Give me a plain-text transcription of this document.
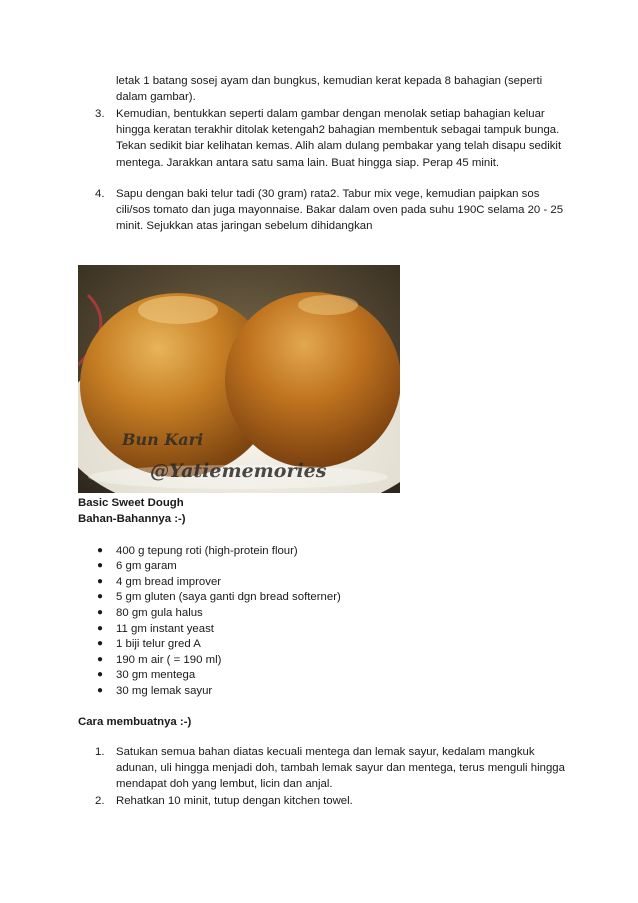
letak 1 batang sosej ayam dan bungkus, kemudian kerat kepada 8 bahagian (seperti dalam gambar).
3.	Kemudian, bentukkan seperti dalam gambar dengan menolak setiap bahagian keluar hingga keratan terakhir ditolak ketengah2 bahagian membentuk sebagai tampuk bunga. Tekan sedikit biar kelihatan kemas. Alih alam dulang pembakar yang telah disapu sedikit mentega. Jarakkan antara satu sama lain. Buat hingga siap. Perap 45 minit.
4.	Sapu dengan baki telur tadi (30 gram) rata2. Tabur mix vege, kemudian paipkan sos cili/sos tomato dan juga mayonnaise. Bakar dalam oven pada suhu 190C selama 20 - 25 minit. Sejukkan atas jaringan sebelum dihidangkan
Bun Kari
@Yatiememories
Basic Sweet Dough
Bahan-Bahannya :-)
● 400 g tepung roti (high-protein flour)
● 6 gm garam
● 4 gm bread improver
● 5 gm gluten (saya ganti dgn bread softerner)
● 80 gm gula halus
● 11 gm instant yeast
● 1 biji telur gred A
● 190 m air ( = 190 ml)
● 30 gm mentega
● 30 mg lemak sayur
Cara membuatnya :-)
1.	Satukan semua bahan diatas kecuali mentega dan lemak sayur, kedalam mangkuk adunan, uli hingga menjadi doh, tambah lemak sayur dan mentega, terus menguli hingga mendapat doh yang lembut, licin dan anjal.
2.	Rehatkan 10 minit, tutup dengan kitchen towel.
